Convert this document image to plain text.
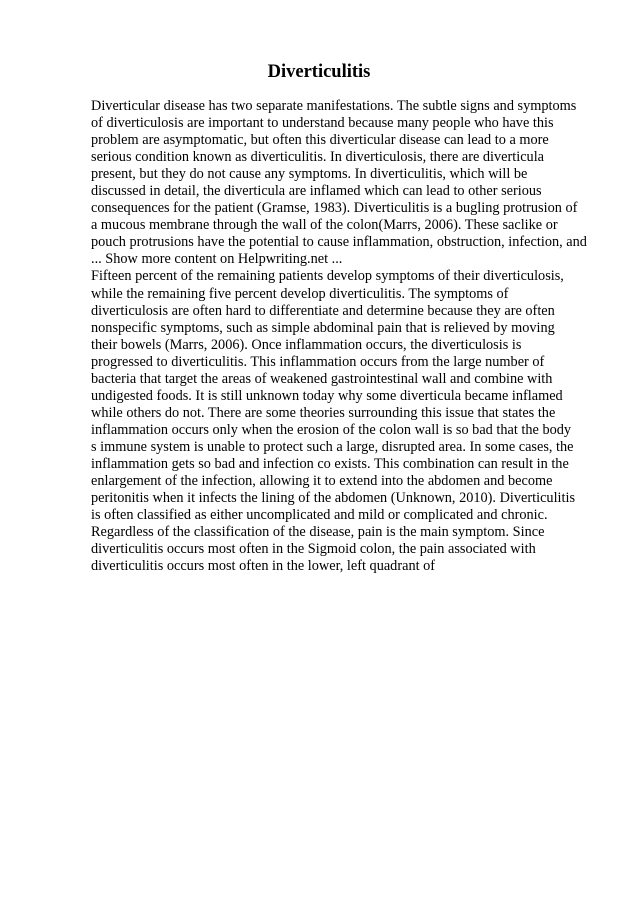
Diverticulitis
Diverticular disease has two separate manifestations. The subtle signs and symptoms
of diverticulosis are important to understand because many people who have this
problem are asymptomatic, but often this diverticular disease can lead to a more
serious condition known as diverticulitis. In diverticulosis, there are diverticula
present, but they do not cause any symptoms. In diverticulitis, which will be
discussed in detail, the diverticula are inflamed which can lead to other serious
consequences for the patient (Gramse, 1983). Diverticulitis is a bugling protrusion of
a mucous membrane through the wall of the colon(Marrs, 2006). These saclike or
pouch protrusions have the potential to cause inflammation, obstruction, infection, and
... Show more content on Helpwriting.net ...
Fifteen percent of the remaining patients develop symptoms of their diverticulosis,
while the remaining five percent develop diverticulitis. The symptoms of
diverticulosis are often hard to differentiate and determine because they are often
nonspecific symptoms, such as simple abdominal pain that is relieved by moving
their bowels (Marrs, 2006). Once inflammation occurs, the diverticulosis is
progressed to diverticulitis. This inflammation occurs from the large number of
bacteria that target the areas of weakened gastrointestinal wall and combine with
undigested foods. It is still unknown today why some diverticula became inflamed
while others do not. There are some theories surrounding this issue that states the
inflammation occurs only when the erosion of the colon wall is so bad that the body
s immune system is unable to protect such a large, disrupted area. In some cases, the
inflammation gets so bad and infection co exists. This combination can result in the
enlargement of the infection, allowing it to extend into the abdomen and become
peritonitis when it infects the lining of the abdomen (Unknown, 2010). Diverticulitis
is often classified as either uncomplicated and mild or complicated and chronic.
Regardless of the classification of the disease, pain is the main symptom. Since
diverticulitis occurs most often in the Sigmoid colon, the pain associated with
diverticulitis occurs most often in the lower, left quadrant of
